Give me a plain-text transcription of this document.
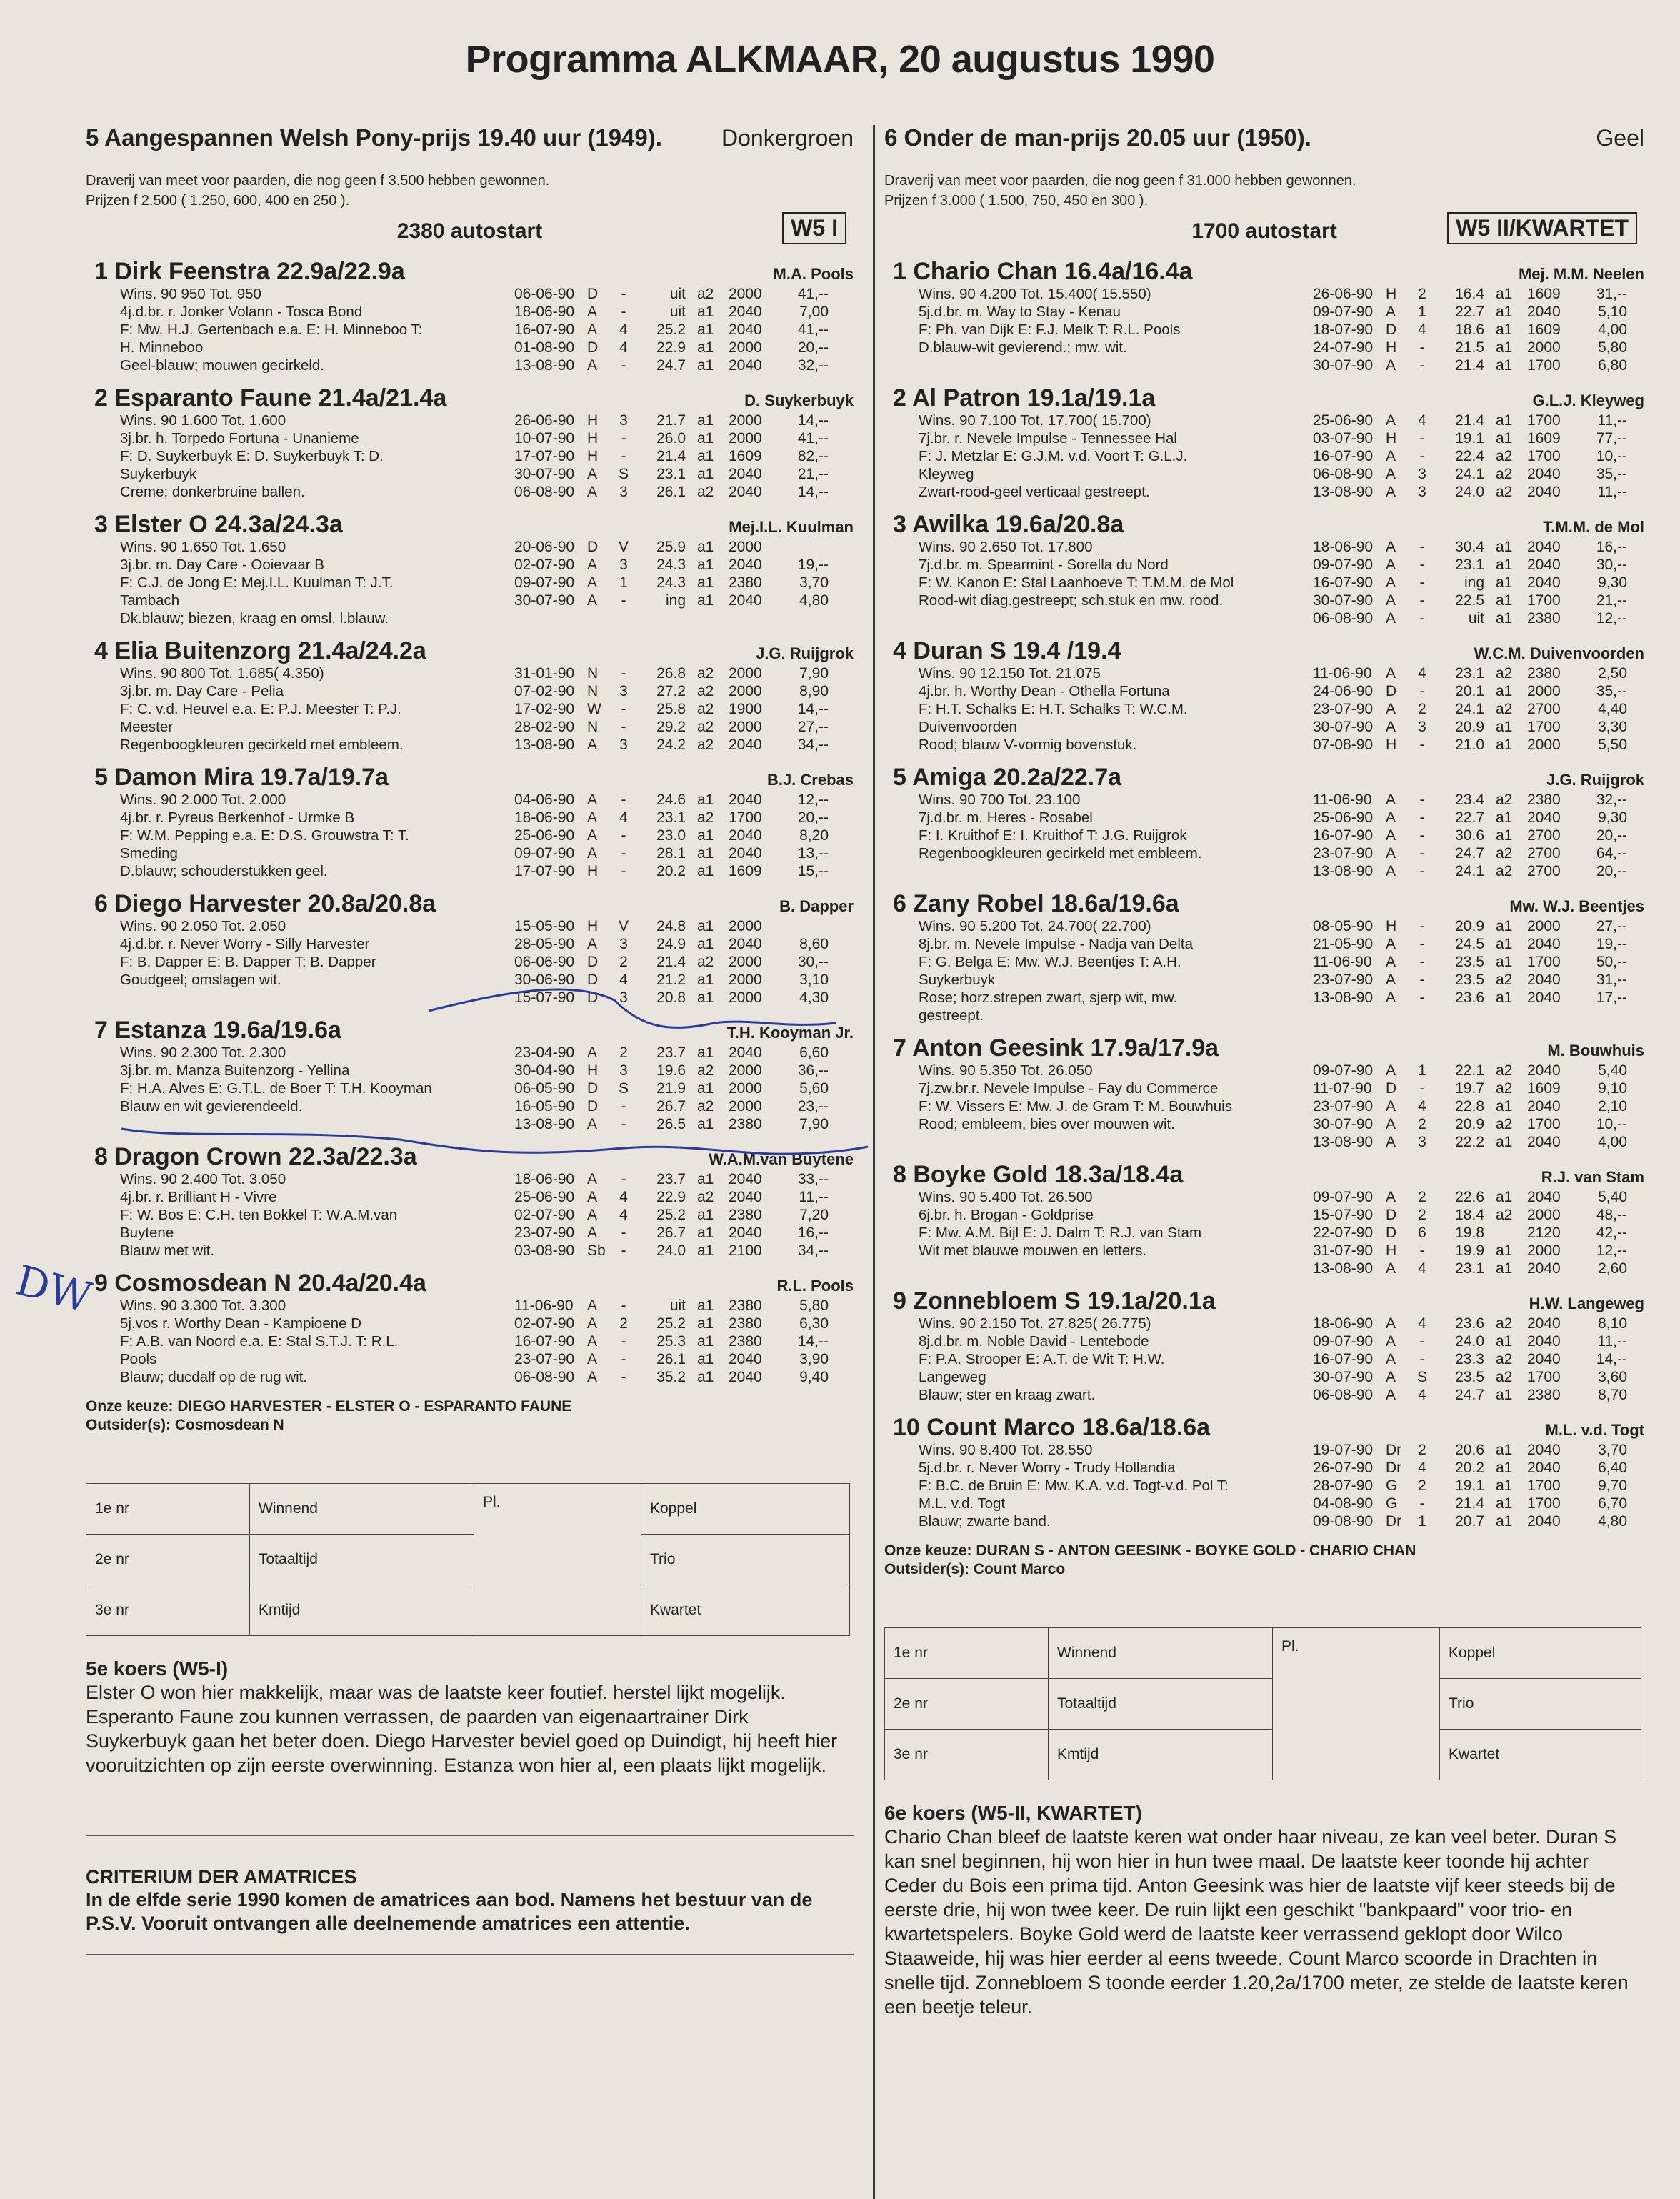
Programma ALKMAAR, 20 augustus 1990
5 Aangespannen Welsh Pony-prijs 19.40 uur (1949).	Donkergroen
Draverij van meet voor paarden, die nog geen f 3.500 hebben gewonnen.
Prijzen f 2.500 ( 1.250, 600, 400 en 250 ).
2380 autostart	W5 I
1 Dirk Feenstra 22.9a/22.9a	M.A. Pools
Wins. 90 950 Tot. 950
4j.d.br. r. Jonker Volann - Tosca Bond
F: Mw. H.J. Gertenbach e.a. E: H. Minneboo T:
H. Minneboo
Geel-blauw; mouwen gecirkeld.
06-06-90 D	-	uit a2 2000	41,--
18-06-90 A	-	uit a1 2040	7,00
16-07-90 A	4	25.2 a1 2040	41,--
01-08-90 D	4	22.9 a1 2000	20,--
13-08-90 A	-	24.7 a1 2040	32,--
2 Esparanto Faune 21.4a/21.4a	D. Suykerbuyk
Wins. 90 1.600 Tot. 1.600
3j.br. h. Torpedo Fortuna - Unanieme
F: D. Suykerbuyk E: D. Suykerbuyk T: D.
Suykerbuyk
Creme; donkerbruine ballen.
26-06-90 H	3	21.7 a1 2000	14,--
10-07-90 H	-	26.0 a1 2000	41,--
17-07-90 H	-	21.4 a1 1609	82,--
30-07-90 A	S	23.1 a1 2040	21,--
06-08-90 A	3	26.1 a2 2040	14,--
3 Elster O 24.3a/24.3a	Mej.I.L. Kuulman
Wins. 90 1.650 Tot. 1.650
3j.br. m. Day Care - Ooievaar B
F: C.J. de Jong E: Mej.I.L. Kuulman T: J.T.
Tambach
Dk.blauw; biezen, kraag en omsl. l.blauw.
20-06-90 D	V	25.9 a1 2000
02-07-90 A	3	24.3 a1 2040	19,--
09-07-90 A	1	24.3 a1 2380	3,70
30-07-90 A	-	ing a1 2040	4,80
4 Elia Buitenzorg 21.4a/24.2a	J.G. Ruijgrok
Wins. 90 800 Tot. 1.685( 4.350)
3j.br. m. Day Care - Pelia
F: C. v.d. Heuvel e.a. E: P.J. Meester T: P.J.
Meester
Regenboogkleuren gecirkeld met embleem.
31-01-90 N	-	26.8 a2 2000	7,90
07-02-90 N	3	27.2 a2 2000	8,90
17-02-90 W	-	25.8 a2 1900	14,--
28-02-90 N	-	29.2 a2 2000	27,--
13-08-90 A	3	24.2 a2 2040	34,--
5 Damon Mira 19.7a/19.7a	B.J. Crebas
Wins. 90 2.000 Tot. 2.000
4j.br. r. Pyreus Berkenhof - Urmke B
F: W.M. Pepping e.a. E: D.S. Grouwstra T: T.
Smeding
D.blauw; schouderstukken geel.
04-06-90 A	-	24.6 a1 2040	12,--
18-06-90 A	4	23.1 a2 1700	20,--
25-06-90 A	-	23.0 a1 2040	8,20
09-07-90 A	-	28.1 a1 2040	13,--
17-07-90 H	-	20.2 a1 1609	15,--
6 Diego Harvester 20.8a/20.8a	B. Dapper
Wins. 90 2.050 Tot. 2.050
4j.d.br. r. Never Worry - Silly Harvester
F: B. Dapper E: B. Dapper T: B. Dapper
Goudgeel; omslagen wit.
15-05-90 H	V	24.8 a1 2000
28-05-90 A	3	24.9 a1 2040	8,60
06-06-90 D	2	21.4 a2 2000	30,--
30-06-90 D	4	21.2 a1 2000	3,10
15-07-90 D	3	20.8 a1 2000	4,30
7 Estanza 19.6a/19.6a	T.H. Kooyman Jr.
Wins. 90 2.300 Tot. 2.300
3j.br. m. Manza Buitenzorg - Yellina
F: H.A. Alves E: G.T.L. de Boer T: T.H. Kooyman
Blauw en wit gevierendeeld.
23-04-90 A	2	23.7 a1 2040	6,60
30-04-90 H	3	19.6 a2 2000	36,--
06-05-90 D	S	21.9 a1 2000	5,60
16-05-90 D	-	26.7 a2 2000	23,--
13-08-90 A	-	26.5 a1 2380	7,90
8 Dragon Crown 22.3a/22.3a	W.A.M.van Buytene
Wins. 90 2.400 Tot. 3.050
4j.br. r. Brilliant H - Vivre
F: W. Bos E: C.H. ten Bokkel T: W.A.M.van
Buytene
Blauw met wit.
18-06-90 A	-	23.7 a1 2040	33,--
25-06-90 A	4	22.9 a2 2040	11,--
02-07-90 A	4	25.2 a1 2380	7,20
23-07-90 A	-	26.7 a1 2040	16,--
03-08-90 Sb	-	24.0 a1 2100	34,--
9 Cosmosdean N 20.4a/20.4a	R.L. Pools
Wins. 90 3.300 Tot. 3.300
5j.vos r. Worthy Dean - Kampioene D
F: A.B. van Noord e.a. E: Stal S.T.J. T: R.L.
Pools
Blauw; ducdalf op de rug wit.
11-06-90 A	-	uit a1 2380	5,80
02-07-90 A	2	25.2 a1 2380	6,30
16-07-90 A	-	25.3 a1 2380	14,--
23-07-90 A	-	26.1 a1 2040	3,90
06-08-90 A	-	35.2 a1 2040	9,40
Onze keuze: DIEGO HARVESTER - ELSTER O - ESPARANTO FAUNE
Outsider(s): Cosmosdean N
1e nr	Winnend	Pl.	Koppel
2e nr	Totaaltijd		Trio
3e nr	Kmtijd		Kwartet
5e koers (W5-I)
Elster O won hier makkelijk, maar was de laatste keer foutief. herstel lijkt mogelijk. Esperanto Faune zou kunnen verrassen, de paarden van eigenaartrainer Dirk Suykerbuyk gaan het beter doen. Diego Harvester beviel goed op Duindigt, hij heeft hier vooruitzichten op zijn eerste overwinning. Estanza won hier al, een plaats lijkt mogelijk.
CRITERIUM DER AMATRICES
In de elfde serie 1990 komen de amatrices aan bod. Namens het bestuur van de P.S.V. Vooruit ontvangen alle deelnemende amatrices een attentie.
6 Onder de man-prijs 20.05 uur (1950).	Geel
Draverij van meet voor paarden, die nog geen f 31.000 hebben gewonnen.
Prijzen f 3.000 ( 1.500, 750, 450 en 300 ).
1700 autostart	W5 II/KWARTET
1 Chario Chan 16.4a/16.4a	Mej. M.M. Neelen
Wins. 90 4.200 Tot. 15.400( 15.550)
5j.d.br. m. Way to Stay - Kenau
F: Ph. van Dijk E: F.J. Melk T: R.L. Pools
D.blauw-wit gevierend.; mw. wit.
26-06-90 H	2	16.4 a1 1609	31,--
09-07-90 A	1	22.7 a1 2040	5,10
18-07-90 D	4	18.6 a1 1609	4,00
24-07-90 H	-	21.5 a1 2000	5,80
30-07-90 A	-	21.4 a1 1700	6,80
2 Al Patron 19.1a/19.1a	G.L.J. Kleyweg
Wins. 90 7.100 Tot. 17.700( 15.700)
7j.br. r. Nevele Impulse - Tennessee Hal
F: J. Metzlar E: G.J.M. v.d. Voort T: G.L.J.
Kleyweg
Zwart-rood-geel verticaal gestreept.
25-06-90 A	4	21.4 a1 1700	11,--
03-07-90 H	-	19.1 a1 1609	77,--
16-07-90 A	-	22.4 a2 1700	10,--
06-08-90 A	3	24.1 a2 2040	35,--
13-08-90 A	3	24.0 a2 2040	11,--
3 Awilka 19.6a/20.8a	T.M.M. de Mol
Wins. 90 2.650 Tot. 17.800
7j.d.br. m. Spearmint - Sorella du Nord
F: W. Kanon E: Stal Laanhoeve T: T.M.M. de Mol
Rood-wit diag.gestreept; sch.stuk en mw. rood.
18-06-90 A	-	30.4 a1 2040	16,--
09-07-90 A	-	23.1 a1 2040	30,--
16-07-90 A	-	ing a1 2040	9,30
30-07-90 A	-	22.5 a1 1700	21,--
06-08-90 A	-	uit a1 2380	12,--
4 Duran S 19.4 /19.4	W.C.M. Duivenvoorden
Wins. 90 12.150 Tot. 21.075
4j.br. h. Worthy Dean - Othella Fortuna
F: H.T. Schalks E: H.T. Schalks T: W.C.M.
Duivenvoorden
Rood; blauw V-vormig bovenstuk.
11-06-90 A	4	23.1 a2 2380	2,50
24-06-90 D	-	20.1 a1 2000	35,--
23-07-90 A	2	24.1 a2 2700	4,40
30-07-90 A	3	20.9 a1 1700	3,30
07-08-90 H	-	21.0 a1 2000	5,50
5 Amiga 20.2a/22.7a	J.G. Ruijgrok
Wins. 90 700 Tot. 23.100
7j.d.br. m. Heres - Rosabel
F: I. Kruithof E: I. Kruithof T: J.G. Ruijgrok
Regenboogkleuren gecirkeld met embleem.
11-06-90 A	-	23.4 a2 2380	32,--
25-06-90 A	-	22.7 a1 2040	9,30
16-07-90 A	-	30.6 a1 2700	20,--
23-07-90 A	-	24.7 a2 2700	64,--
13-08-90 A	-	24.1 a2 2700	20,--
6 Zany Robel 18.6a/19.6a	Mw. W.J. Beentjes
Wins. 90 5.200 Tot. 24.700( 22.700)
8j.br. m. Nevele Impulse - Nadja van Delta
F: G. Belga E: Mw. W.J. Beentjes T: A.H.
Suykerbuyk
Rose; horz.strepen zwart, sjerp wit, mw.
gestreept.
08-05-90 H	-	20.9 a1 2000	27,--
21-05-90 A	-	24.5 a1 2040	19,--
11-06-90 A	-	23.5 a1 1700	50,--
23-07-90 A	-	23.5 a2 2040	31,--
13-08-90 A	-	23.6 a1 2040	17,--
7 Anton Geesink 17.9a/17.9a	M. Bouwhuis
Wins. 90 5.350 Tot. 26.050
7j.zw.br.r. Nevele Impulse - Fay du Commerce
F: W. Vissers E: Mw. J. de Gram T: M. Bouwhuis
Rood; embleem, bies over mouwen wit.
09-07-90 A	1	22.1 a2 2040	5,40
11-07-90 D	-	19.7 a2 1609	9,10
23-07-90 A	4	22.8 a1 2040	2,10
30-07-90 A	2	20.9 a2 1700	10,--
13-08-90 A	3	22.2 a1 2040	4,00
8 Boyke Gold 18.3a/18.4a	R.J. van Stam
Wins. 90 5.400 Tot. 26.500
6j.br. h. Brogan - Goldprise
F: Mw. A.M. Bijl E: J. Dalm T: R.J. van Stam
Wit met blauwe mouwen en letters.
09-07-90 A	2	22.6 a1 2040	5,40
15-07-90 D	2	18.4 a2 2000	48,--
22-07-90 D	6	19.8	2120	42,--
31-07-90 H	-	19.9 a1 2000	12,--
13-08-90 A	4	23.1 a1 2040	2,60
9 Zonnebloem S 19.1a/20.1a	H.W. Langeweg
Wins. 90 2.150 Tot. 27.825( 26.775)
8j.d.br. m. Noble David - Lentebode
F: P.A. Strooper E: A.T. de Wit T: H.W.
Langeweg
Blauw; ster en kraag zwart.
18-06-90 A	4	23.6 a2 2040	8,10
09-07-90 A	-	24.0 a1 2040	11,--
16-07-90 A	-	23.3 a2 2040	14,--
30-07-90 A	S	23.5 a2 1700	3,60
06-08-90 A	4	24.7 a1 2380	8,70
10 Count Marco 18.6a/18.6a	M.L. v.d. Togt
Wins. 90 8.400 Tot. 28.550
5j.d.br. r. Never Worry - Trudy Hollandia
F: B.C. de Bruin E: Mw. K.A. v.d. Togt-v.d. Pol T:
M.L. v.d. Togt
Blauw; zwarte band.
19-07-90 Dr	2	20.6 a1 2040	3,70
26-07-90 Dr	4	20.2 a1 2040	6,40
28-07-90 G	2	19.1 a1 1700	9,70
04-08-90 G	-	21.4 a1 1700	6,70
09-08-90 Dr	1	20.7 a1 2040	4,80
Onze keuze: DURAN S - ANTON GEESINK - BOYKE GOLD - CHARIO CHAN
Outsider(s): Count Marco
1e nr	Winnend	Pl.	Koppel
2e nr	Totaaltijd		Trio
3e nr	Kmtijd		Kwartet
6e koers (W5-II, KWARTET)
Chario Chan bleef de laatste keren wat onder haar niveau, ze kan veel beter. Duran S kan snel beginnen, hij won hier in hun twee maal. De laatste keer toonde hij achter Ceder du Bois een prima tijd. Anton Geesink was hier de laatste vijf keer steeds bij de eerste drie, hij won twee keer. De ruin lijkt een geschikt "bankpaard" voor trio- en kwartetspelers. Boyke Gold werd de laatste keer verrassend geklopt door Wilco Staaweide, hij was hier eerder al eens tweede. Count Marco scoorde in Drachten in snelle tijd. Zonnebloem S toonde eerder 1.20,2a/1700 meter, ze stelde de laatste keren een beetje teleur.
DW
